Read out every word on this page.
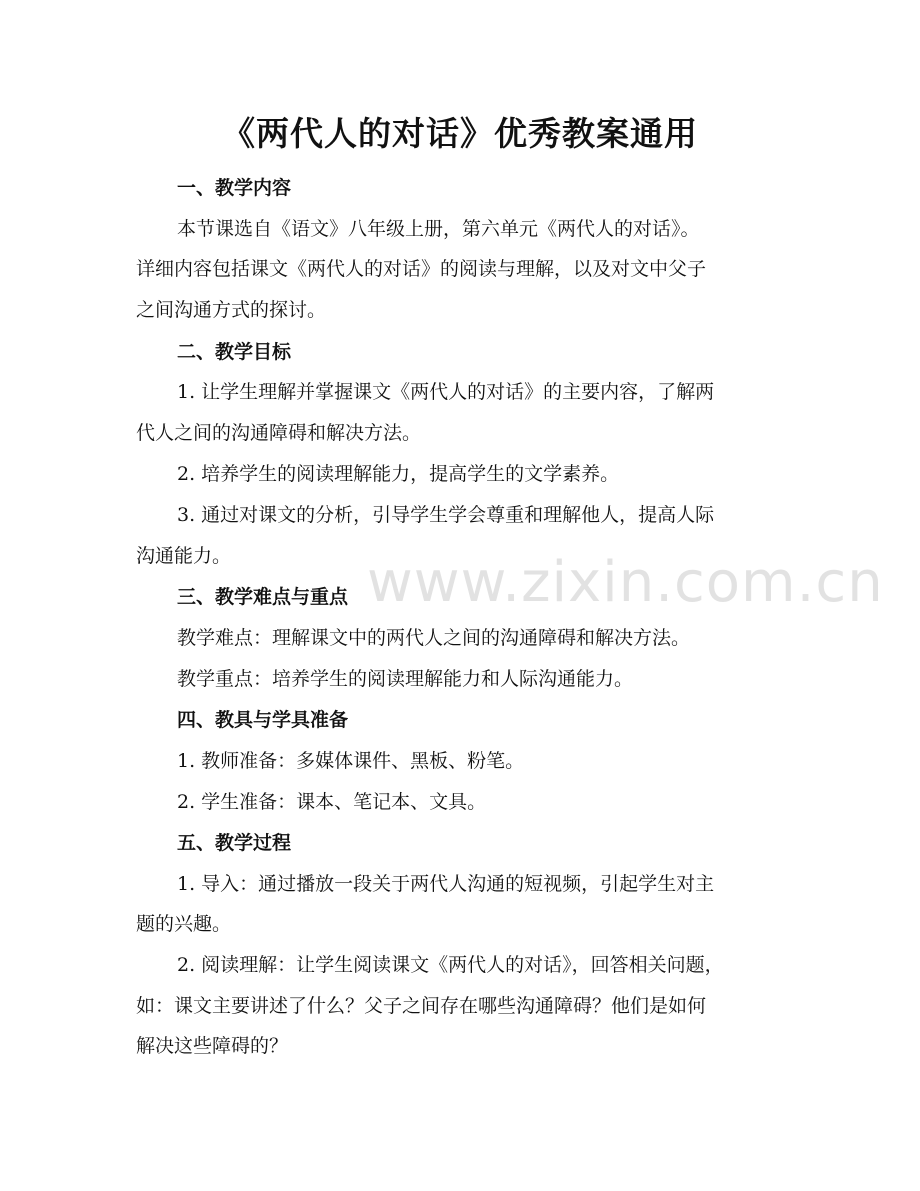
《两代人的对话》优秀教案通用
一、教学内容
本节课选自《语文》八年级上册，第六单元《两代人的对话》。
详细内容包括课文《两代人的对话》的阅读与理解，以及对文中父子
之间沟通方式的探讨。
二、教学目标
1. 让学生理解并掌握课文《两代人的对话》的主要内容，了解两
代人之间的沟通障碍和解决方法。
2. 培养学生的阅读理解能力，提高学生的文学素养。
3. 通过对课文的分析，引导学生学会尊重和理解他人，提高人际
沟通能力。
三、教学难点与重点
教学难点：理解课文中的两代人之间的沟通障碍和解决方法。
教学重点：培养学生的阅读理解能力和人际沟通能力。
四、教具与学具准备
1. 教师准备：多媒体课件、黑板、粉笔。
2. 学生准备：课本、笔记本、文具。
五、教学过程
1. 导入：通过播放一段关于两代人沟通的短视频，引起学生对主
题的兴趣。
2. 阅读理解：让学生阅读课文《两代人的对话》，回答相关问题，
如：课文主要讲述了什么？父子之间存在哪些沟通障碍？他们是如何
解决这些障碍的？
www.zixin.com.cn
